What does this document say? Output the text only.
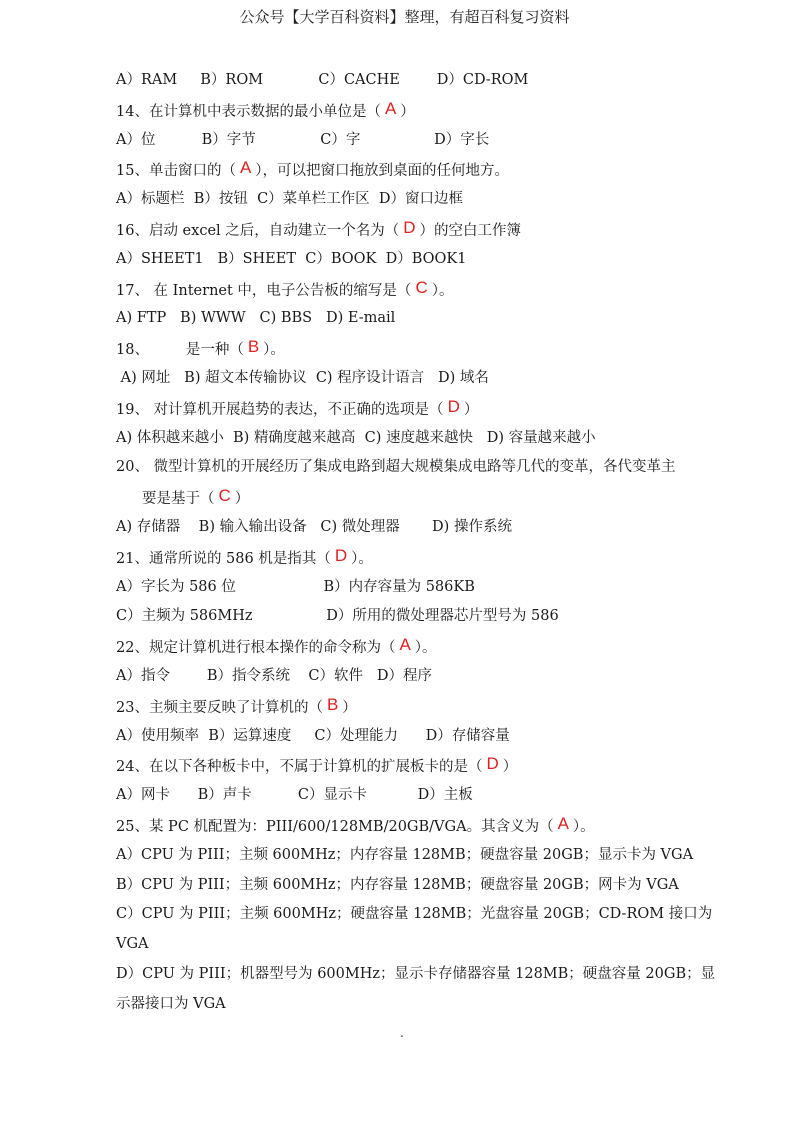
公众号【大学百科资料】整理，有超百科复习资料
A）RAM     B）ROM            C）CACHE        D）CD-ROM
14、在计算机中表示数据的最小单位是（ A ）
A）位          B）字节              C）字                D）字长
15、单击窗口的（ A ），可以把窗口拖放到桌面的任何地方。
A）标题栏  B）按钮  C）菜单栏工作区  D）窗口边框
16、启动 excel 之后，自动建立一个名为（ D ）的空白工作簿
A）SHEET1   B）SHEET  C）BOOK  D）BOOK1
17、 在 Internet 中，电子公告板的缩写是（ C ）。
A) FTP   B) WWW   C) BBS   D) E-mail
18、        是一种（ B ）。
A) 网址   B) 超文本传输协议  C) 程序设计语言   D) 域名
19、 对计算机开展趋势的表达，不正确的选项是（ D ）
A) 体积越来越小  B) 精确度越来越高  C) 速度越来越快   D) 容量越来越小
20、 微型计算机的开展经历了集成电路到超大规模集成电路等几代的变革，各代变革主
要是基于（ C ）
A) 存储器    B) 输入输出设备   C) 微处理器       D) 操作系统
21、通常所说的 586 机是指其（ D ）。
A）字长为 586 位                   B）内存容量为 586KB
C）主频为 586MHz                D）所用的微处理器芯片型号为 586
22、规定计算机进行根本操作的命令称为（ A ）。
A）指令        B）指令系统    C）软件   D）程序
23、主频主要反映了计算机的（ B ）
A）使用频率  B）运算速度     C）处理能力      D）存储容量
24、在以下各种板卡中，不属于计算机的扩展板卡的是（ D ）
A）网卡      B）声卡          C）显示卡           D）主板
25、某 PC 机配置为：PIII/600/128MB/20GB/VGA。其含义为（ A ）。
A）CPU 为 PIII；主频 600MHz；内存容量 128MB；硬盘容量 20GB；显示卡为 VGA
B）CPU 为 PIII；主频 600MHz；内存容量 128MB；硬盘容量 20GB；网卡为 VGA
C）CPU 为 PIII；主频 600MHz；硬盘容量 128MB；光盘容量 20GB；CD-ROM 接口为
VGA
D）CPU 为 PIII；机器型号为 600MHz；显示卡存储器容量 128MB；硬盘容量 20GB；显
示器接口为 VGA
.
